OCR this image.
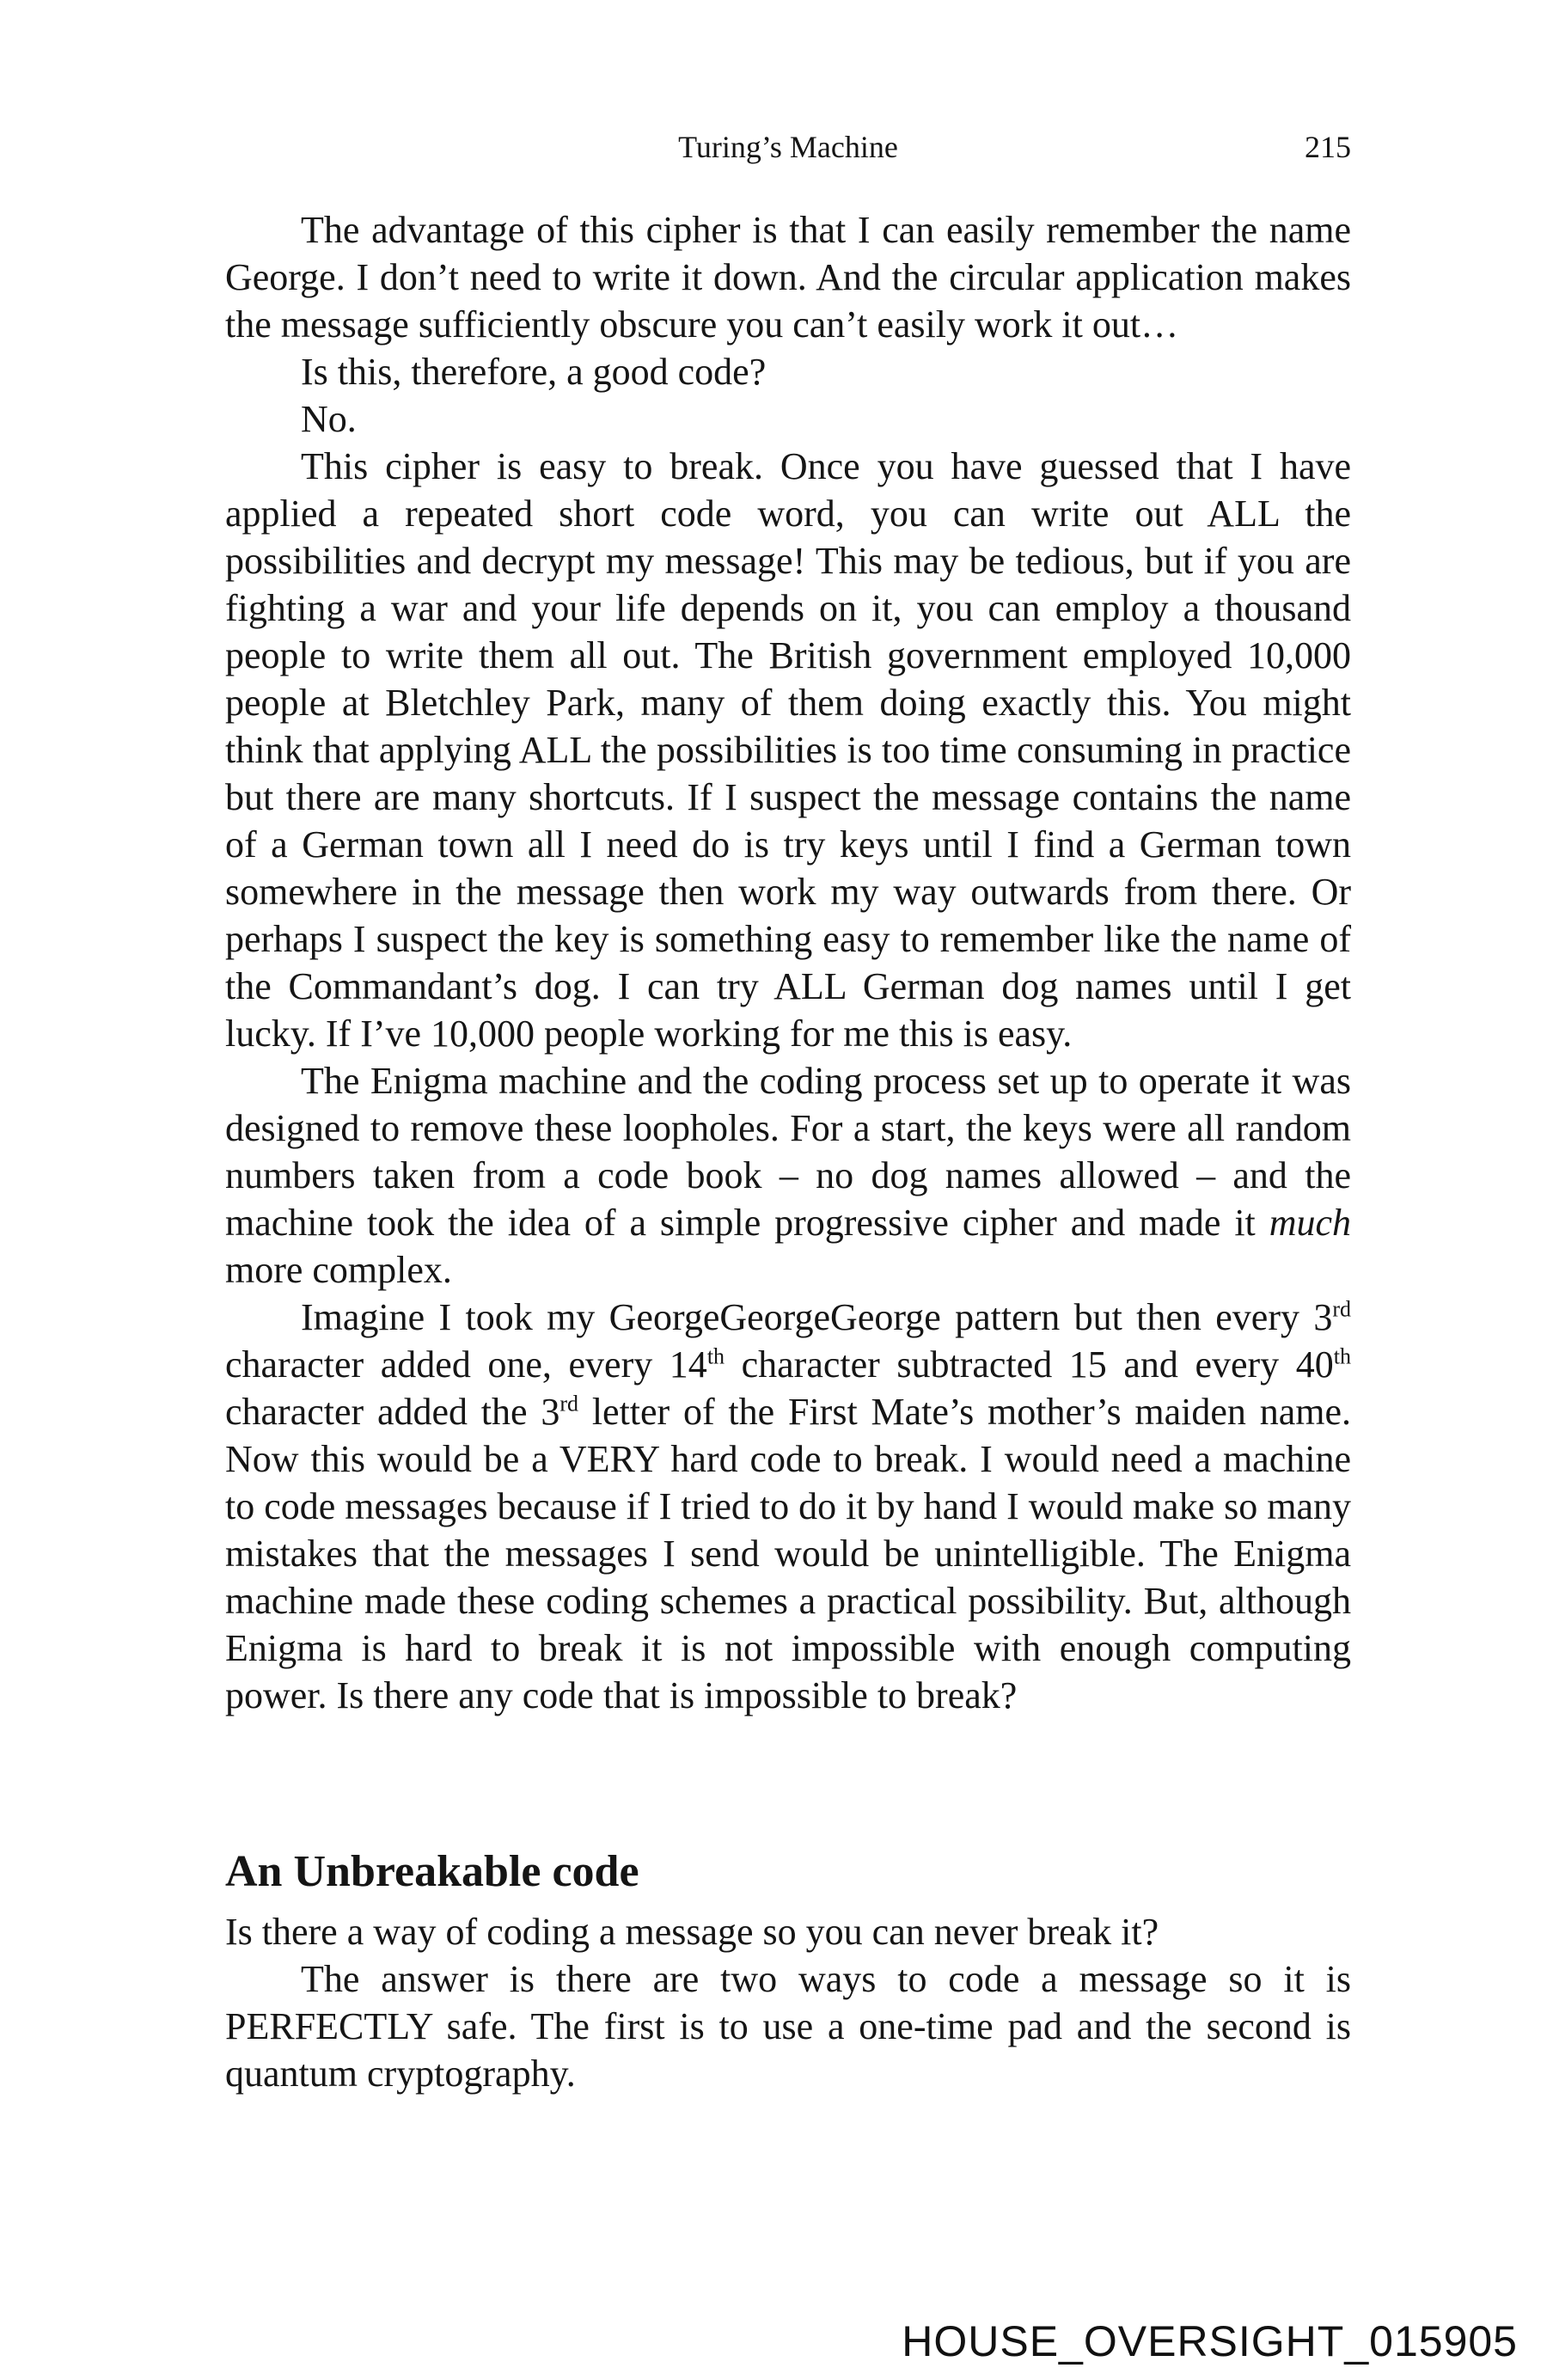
Turing’s Machine	215

The advantage of this cipher is that I can easily remember the name George. I don’t need to write it down. And the circular application makes the message sufficiently obscure you can’t easily work it out…

Is this, therefore, a good code?

No.

This cipher is easy to break. Once you have guessed that I have applied a repeated short code word, you can write out ALL the possibilities and decrypt my message! This may be tedious, but if you are fighting a war and your life depends on it, you can employ a thousand people to write them all out. The British government employed 10,000 people at Bletchley Park, many of them doing exactly this. You might think that applying ALL the possibilities is too time consuming in practice but there are many shortcuts. If I suspect the message contains the name of a German town all I need do is try keys until I find a German town somewhere in the message then work my way outwards from there. Or perhaps I suspect the key is something easy to remember like the name of the Commandant’s dog. I can try ALL German dog names until I get lucky. If I’ve 10,000 people working for me this is easy.

The Enigma machine and the coding process set up to operate it was designed to remove these loopholes. For a start, the keys were all random numbers taken from a code book – no dog names allowed – and the machine took the idea of a simple progressive cipher and made it much more complex.

Imagine I took my GeorgeGeorgeGeorge pattern but then every 3rd character added one, every 14th character subtracted 15 and every 40th character added the 3rd letter of the First Mate’s mother’s maiden name. Now this would be a VERY hard code to break. I would need a machine to code messages because if I tried to do it by hand I would make so many mistakes that the messages I send would be unintelligible. The Enigma machine made these coding schemes a practical possibility. But, although Enigma is hard to break it is not impossible with enough computing power. Is there any code that is impossible to break?

An Unbreakable code

Is there a way of coding a message so you can never break it?

The answer is there are two ways to code a message so it is PERFECTLY safe. The first is to use a one-time pad and the second is quantum cryptography.

HOUSE_OVERSIGHT_015905
